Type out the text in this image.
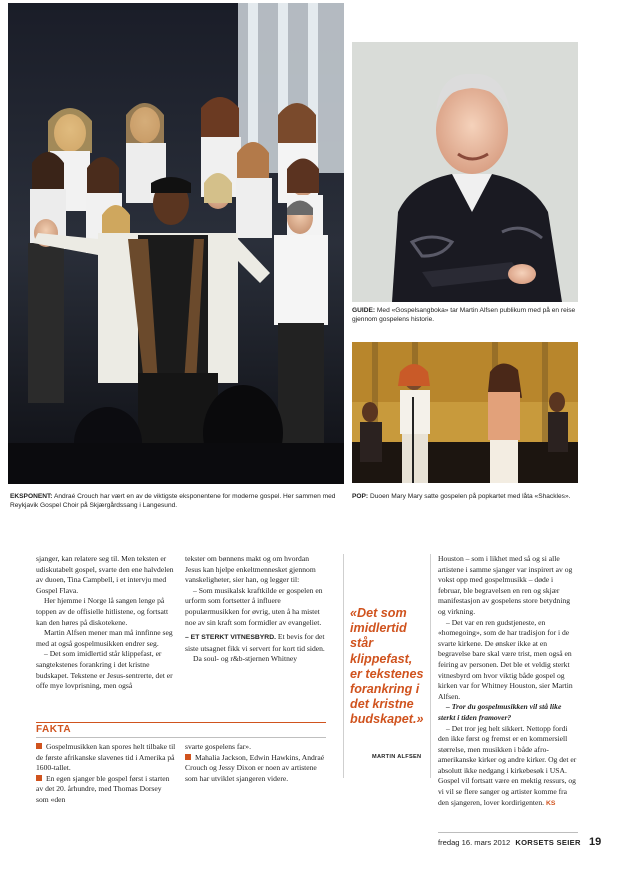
GUIDE: Med «Gospelsangboka» tar Martin Alfsen publikum med på en reise gjennom gospelens historie.
EKSPONENT: Andraé Crouch har vært en av de viktigste eksponentene for moderne gospel. Her sammen med Reykjavik Gospel Choir på Skjærgårdssang i Langesund.
POP: Duoen Mary Mary satte gospelen på popkartet med låta «Shackles».

sjanger, kan relatere seg til. Men teksten er udiskutabelt gospel, svarte den ene halvdelen av duoen, Tina Campbell, i et intervju med Gospel Flava.

Her hjemme i Norge lå sangen lenge på toppen av de offisielle hitlistene, og fortsatt kan den høres på diskotekene.

Martin Alfsen mener man må innfinne seg med at også gospelmusikken endrer seg.

– Det som imidlertid står klippefast, er sangtekstenes forankring i det kristne budskapet. Tekstene er Jesus-sentrerte, det er offe mye lovprisning, men også

tekster om bønnens makt og om hvordan Jesus kan hjelpe enkeltmennesket gjennom vanskeligheter, sier han, og legger til:

– Som musikalsk kraftkilde er gospelen en urform som fortsetter å influere populærmusikken for øvrig, uten å ha mistet noe av sin kraft som formidler av evangeliet.

– ET STERKT VITNESBYRD. Et bevis for det siste utsagnet fikk vi servert for kort tid siden.

Da soul- og r&b-stjernen Whitney

«Det som imidlertid står klippefast, er tekstenes forankring i det kristne budskapet.»
MARTIN ALFSEN

Houston – som i likhet med så og si alle artistene i samme sjanger var inspirert av og vokst opp med gospelmusikk – døde i februar, ble begravelsen en ren og skjær manifestasjon av gospelens store betydning og virkning.

– Det var en ren gudstjeneste, en «homegoing», som de har tradisjon for i de svarte kirkene. De ønsker ikke at en begravelse bare skal være trist, men også en feiring av personen. Det ble et veldig sterkt vitnesbyrd om hvor viktig både gospel og kirken var for Whitney Houston, sier Martin Alfsen.

– Tror du gospelmusikken vil stå like sterkt i tiden framover?

– Det tror jeg helt sikkert. Nettopp fordi den ikke først og fremst er en kommersiell størrelse, men musikken i både afro-amerikanske kirker og andre kirker. Og det er absolutt ikke nedgang i kirkebesøk i USA. Gospel vil fortsatt være en mektig ressurs, og vi vil se flere sanger og artister komme fra den sjangeren, lover kordirigenten. KS

FAKTA

Gospelmusikken kan spores helt tilbake til de første afrikanske slavenes tid i Amerika på 1600-tallet.

En egen sjanger ble gospel først i starten av det 20. århundre, med Thomas Dorsey som «den

svarte gospelens far».

Mahalia Jackson, Edwin Hawkins, Andraé Crouch og Jessy Dixon er noen av artistene som har utviklet sjangeren videre.

fredag 16. mars 2012 KORSETS SEIER 19
